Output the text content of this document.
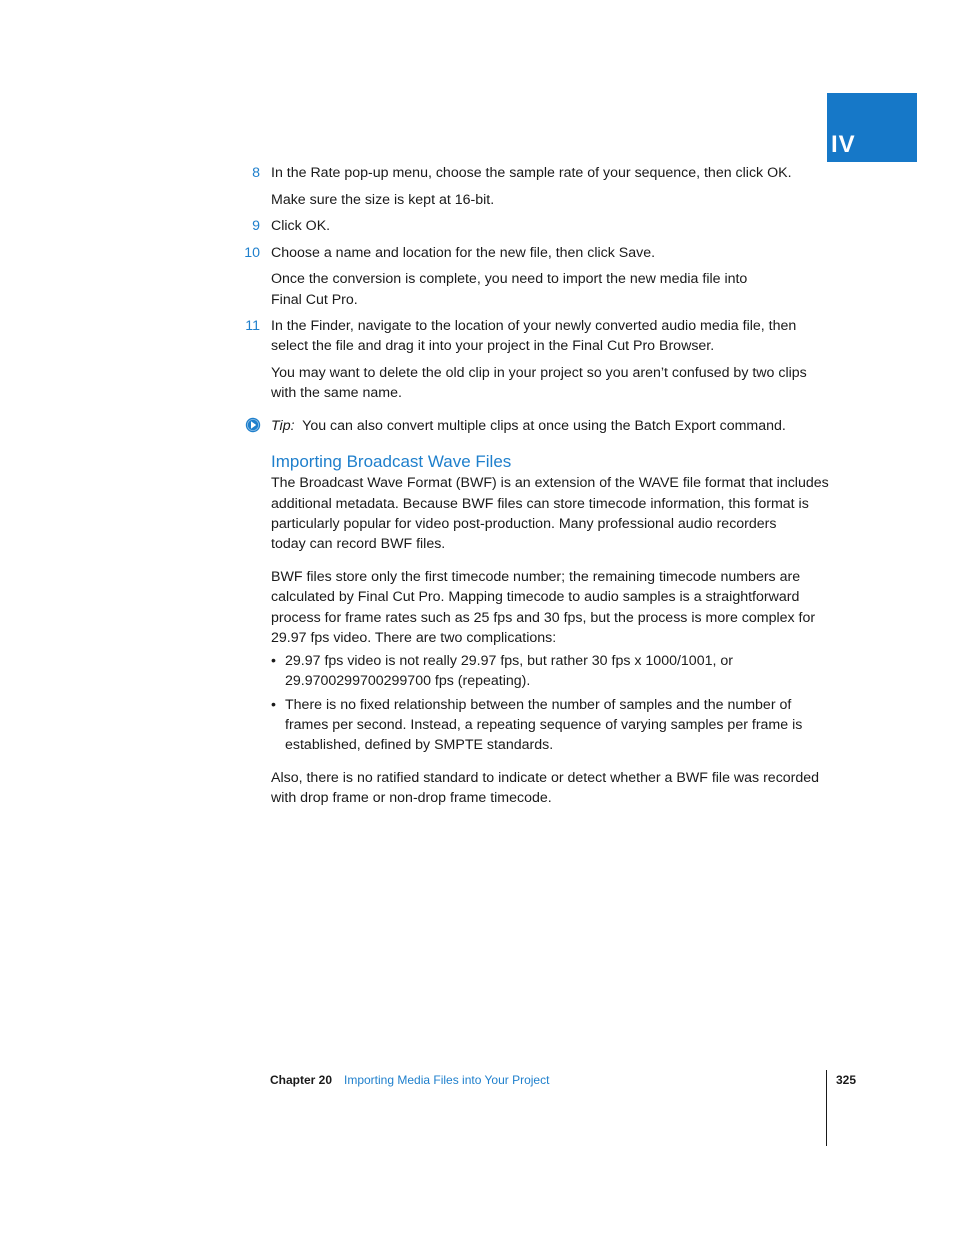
IV
8 In the Rate pop-up menu, choose the sample rate of your sequence, then click OK.
Make sure the size is kept at 16-bit.
9 Click OK.
10 Choose a name and location for the new file, then click Save.
Once the conversion is complete, you need to import the new media file into
Final Cut Pro.
11 In the Finder, navigate to the location of your newly converted audio media file, then
select the file and drag it into your project in the Final Cut Pro Browser.
You may want to delete the old clip in your project so you aren’t confused by two clips
with the same name.
Tip: You can also convert multiple clips at once using the Batch Export command.
Importing Broadcast Wave Files
The Broadcast Wave Format (BWF) is an extension of the WAVE file format that includes
additional metadata. Because BWF files can store timecode information, this format is
particularly popular for video post-production. Many professional audio recorders
today can record BWF files.
BWF files store only the first timecode number; the remaining timecode numbers are
calculated by Final Cut Pro. Mapping timecode to audio samples is a straightforward
process for frame rates such as 25 fps and 30 fps, but the process is more complex for
29.97 fps video. There are two complications:
• 29.97 fps video is not really 29.97 fps, but rather 30 fps x 1000/1001, or
29.9700299700299700 fps (repeating).
• There is no fixed relationship between the number of samples and the number of
frames per second. Instead, a repeating sequence of varying samples per frame is
established, defined by SMPTE standards.
Also, there is no ratified standard to indicate or detect whether a BWF file was recorded
with drop frame or non-drop frame timecode.
Chapter 20 Importing Media Files into Your Project	325
